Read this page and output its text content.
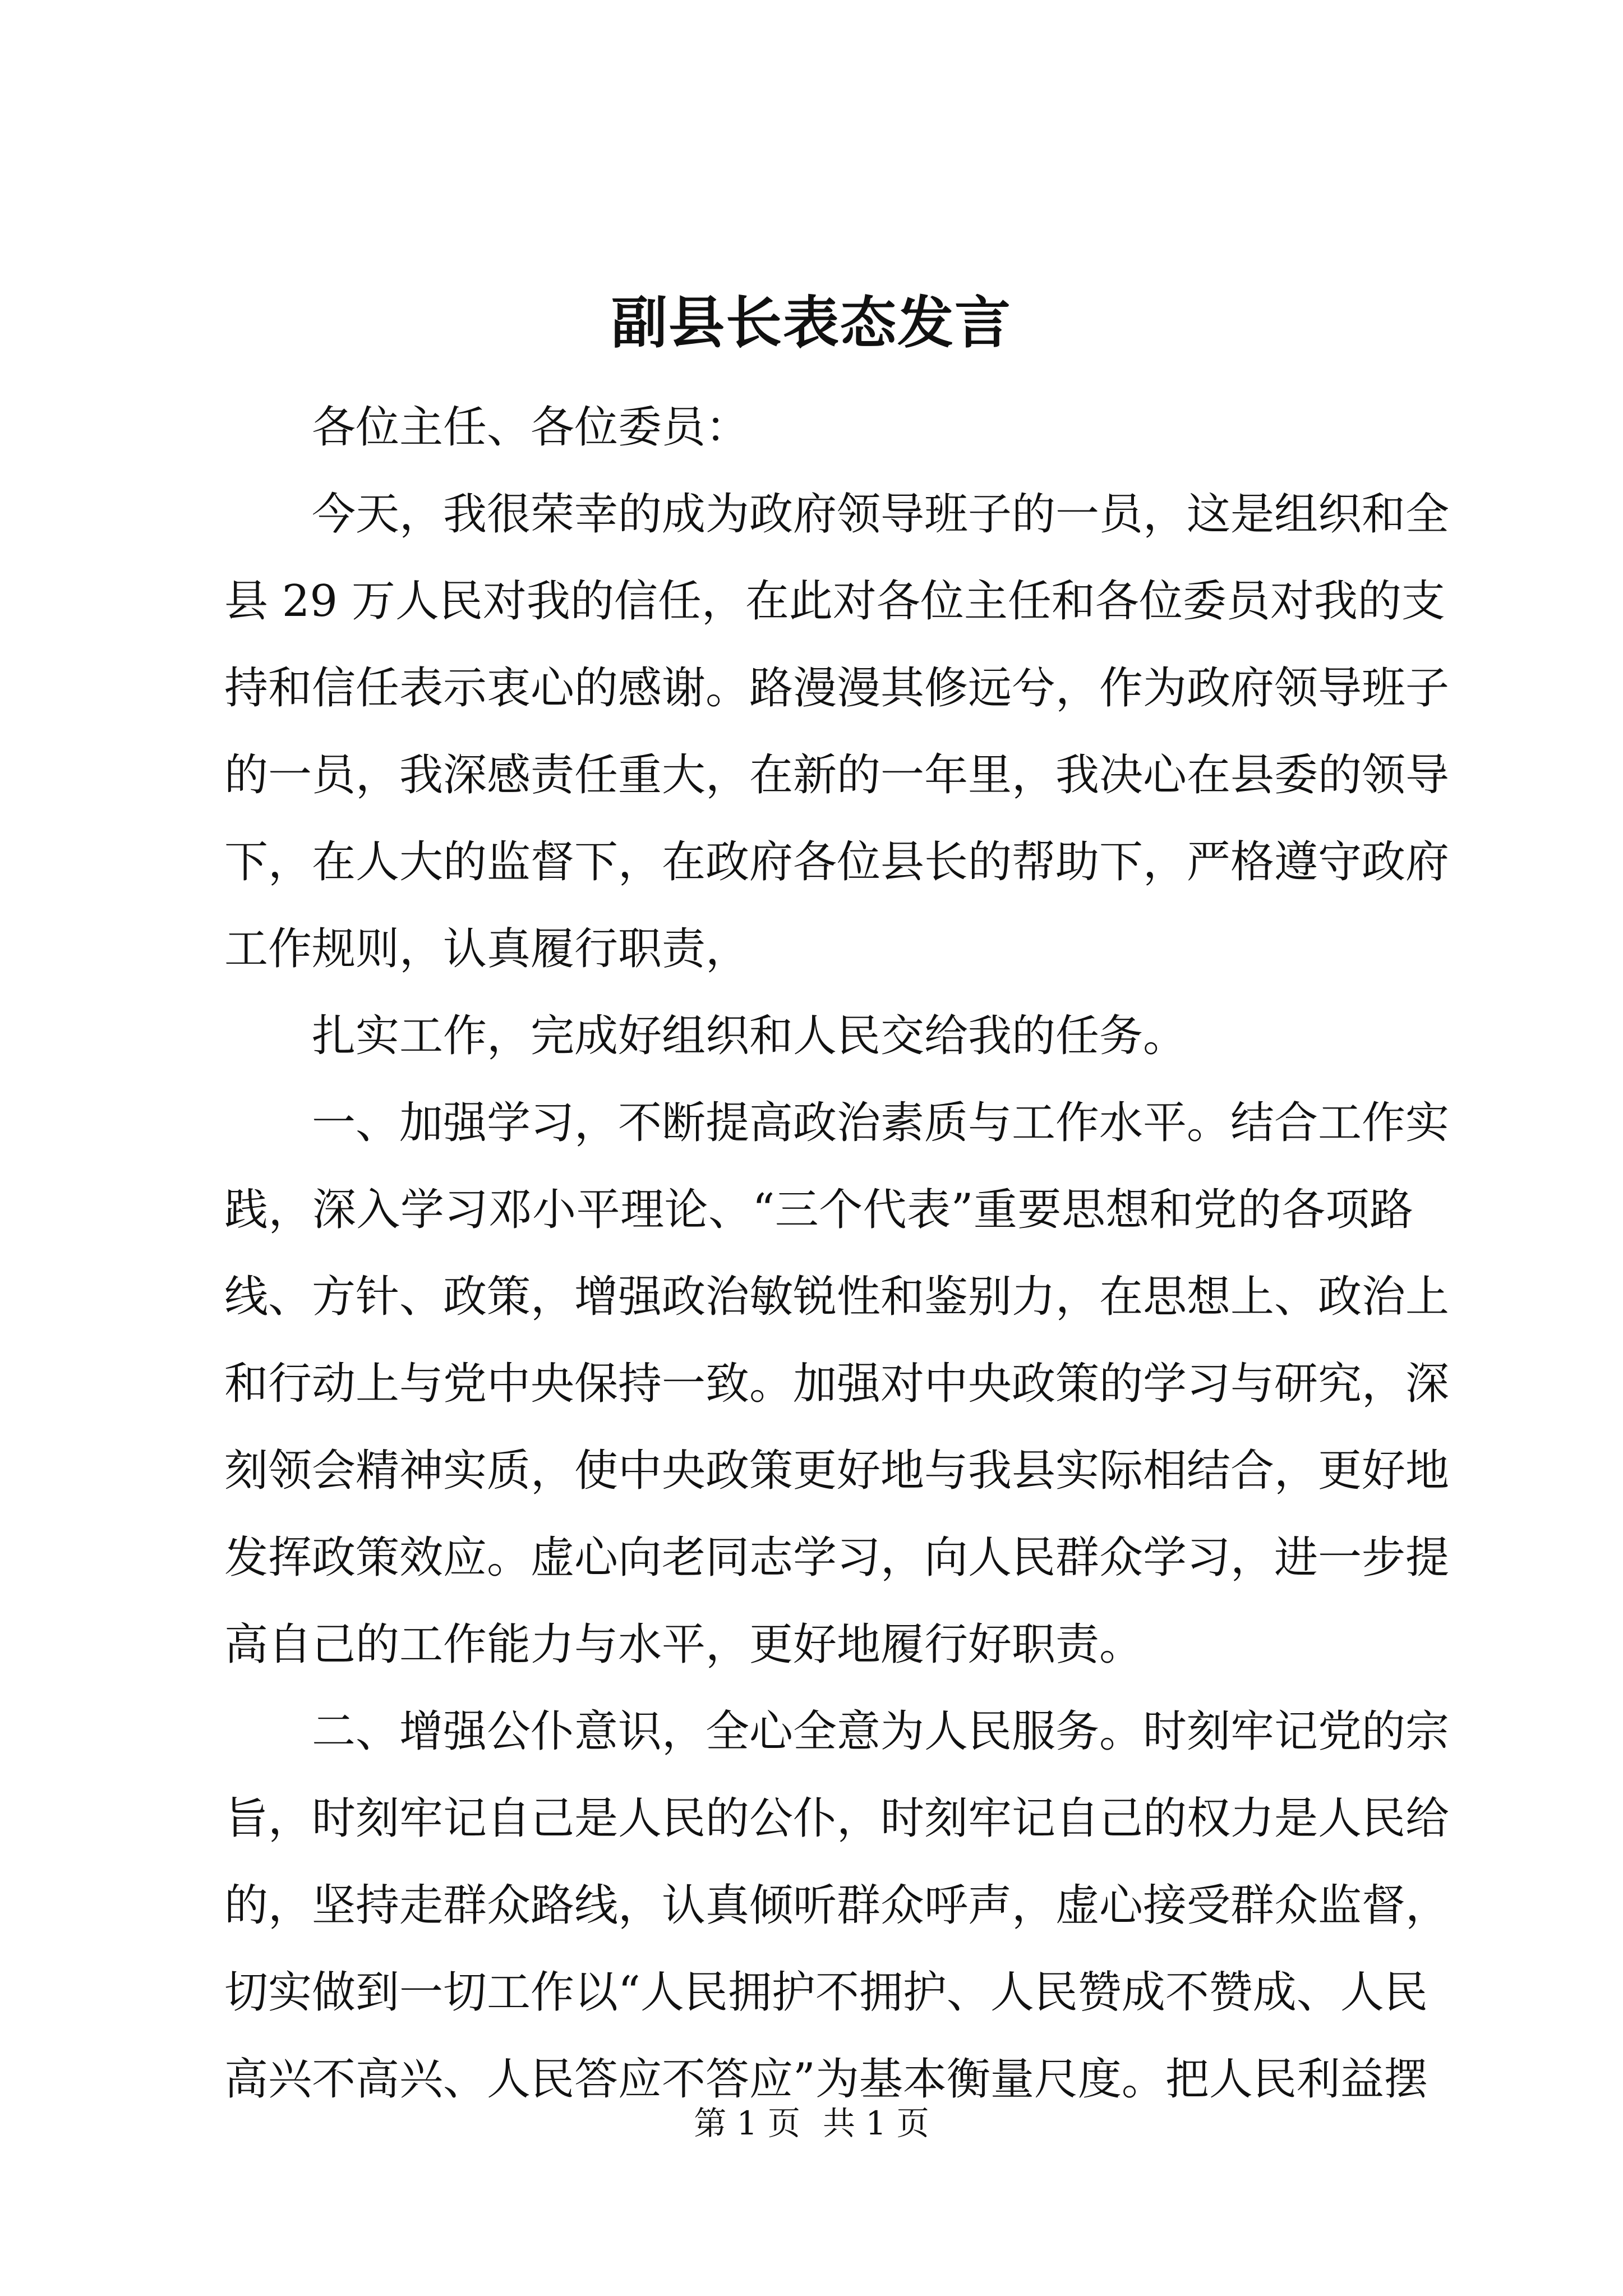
副县长表态发言
各位主任、各位委员：
今天，我很荣幸的成为政府领导班子的一员，这是组织和全
县 29 万人民对我的信任，在此对各位主任和各位委员对我的支
持和信任表示衷心的感谢。路漫漫其修远兮，作为政府领导班子
的一员，我深感责任重大，在新的一年里，我决心在县委的领导
下，在人大的监督下，在政府各位县长的帮助下，严格遵守政府
工作规则，认真履行职责，
扎实工作，完成好组织和人民交给我的任务。
一、加强学习，不断提高政治素质与工作水平。结合工作实
践，深入学习邓小平理论、“三个代表”重要思想和党的各项路
线、方针、政策，增强政治敏锐性和鉴别力，在思想上、政治上
和行动上与党中央保持一致。加强对中央政策的学习与研究，深
刻领会精神实质，使中央政策更好地与我县实际相结合，更好地
发挥政策效应。虚心向老同志学习，向人民群众学习，进一步提
高自己的工作能力与水平，更好地履行好职责。
二、增强公仆意识，全心全意为人民服务。时刻牢记党的宗
旨，时刻牢记自己是人民的公仆，时刻牢记自己的权力是人民给
的，坚持走群众路线，认真倾听群众呼声，虚心接受群众监督，
切实做到一切工作以“人民拥护不拥护、人民赞成不赞成、人民
高兴不高兴、人民答应不答应”为基本衡量尺度。把人民利益摆
第 1 页 共 1 页
